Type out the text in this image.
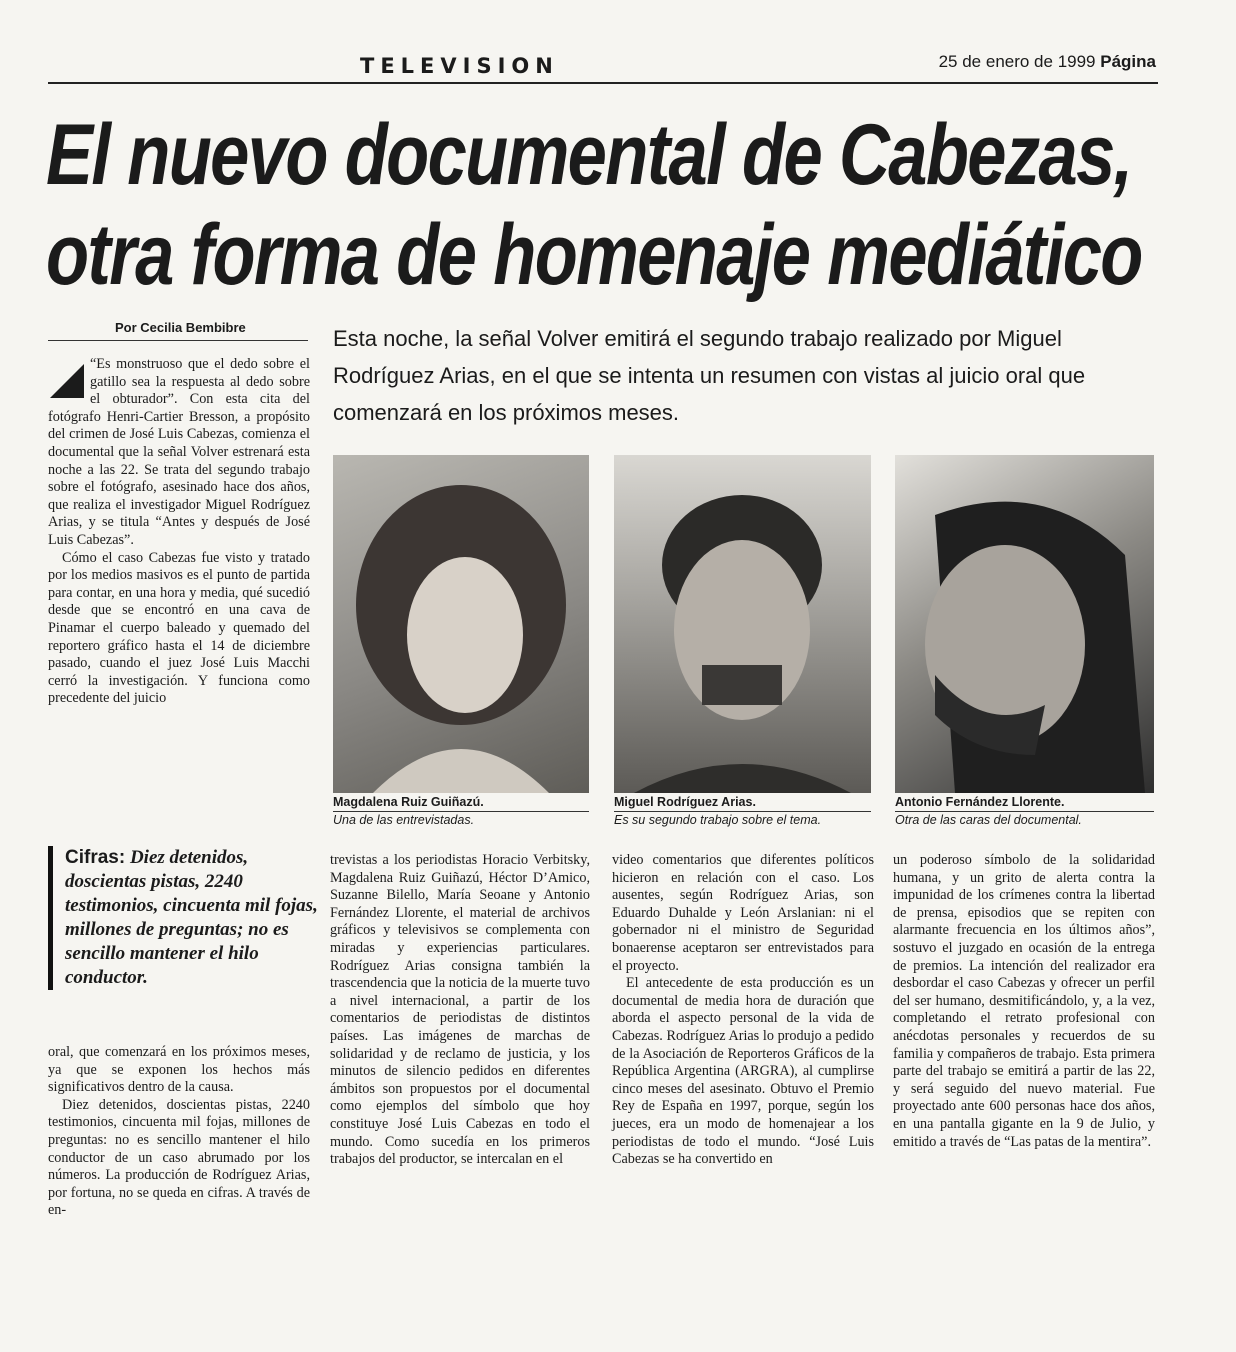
TELEVISION	25 de enero de 1999 Página
El nuevo documental de Cabezas,
otra forma de homenaje mediático
Por Cecilia Bembibre	Esta noche, la señal Volver emitirá el segundo trabajo realizado por Miguel Rodríguez Arias, en el que se intenta un resumen con vistas al juicio oral que comenzará en los próximos meses.

“Es monstruoso que el dedo sobre el gatillo sea la respuesta al dedo sobre el obturador”. Con esta cita del fotógrafo Henri-Cartier Bresson, a propósito del crimen de José Luis Cabezas, comienza el documental que la señal Volver estrenará esta noche a las 22. Se trata del segundo trabajo sobre el fotógrafo, asesinado hace dos años, que realiza el investigador Miguel Rodríguez Arias, y se titula “Antes y después de José Luis Cabezas”.

Cómo el caso Cabezas fue visto y tratado por los medios masivos es el punto de partida para contar, en una hora y media, qué sucedió desde que se encontró en una cava de Pinamar el cuerpo baleado y quemado del reportero gráfico hasta el 14 de diciembre pasado, cuando el juez José Luis Macchi cerró la investigación. Y funciona como precedente del juicio

Cifras: Diez detenidos, doscientas pistas, 2240 testimonios, cincuenta mil fojas, millones de preguntas; no es sencillo mantener el hilo conductor.

oral, que comenzará en los próximos meses, ya que se exponen los hechos más significativos dentro de la causa.

Diez detenidos, doscientas pistas, 2240 testimonios, cincuenta mil fojas, millones de preguntas: no es sencillo mantener el hilo conductor de un caso abrumado por los números. La producción de Rodríguez Arias, por fortuna, no se queda en cifras. A través de en-

Magdalena Ruiz Guiñazú.
Una de las entrevistadas.
Miguel Rodríguez Arias.
Es su segundo trabajo sobre el tema.
Antonio Fernández Llorente.
Otra de las caras del documental.

trevistas a los periodistas Horacio Verbitsky, Magdalena Ruiz Guiñazú, Héctor D’Amico, Suzanne Bilello, María Seoane y Antonio Fernández Llorente, el material de archivos gráficos y televisivos se complementa con miradas y experiencias particulares. Rodríguez Arias consigna también la trascendencia que la noticia de la muerte tuvo a nivel internacional, a partir de los comentarios de periodistas de distintos países. Las imágenes de marchas de solidaridad y de reclamo de justicia, y los minutos de silencio pedidos en diferentes ámbitos son propuestos por el documental como ejemplos del símbolo que hoy constituye José Luis Cabezas en todo el mundo. Como sucedía en los primeros trabajos del productor, se intercalan en el

video comentarios que diferentes políticos hicieron en relación con el caso. Los ausentes, según Rodríguez Arias, son Eduardo Duhalde y León Arslanian: ni el gobernador ni el ministro de Seguridad bonaerense aceptaron ser entrevistados para el proyecto.

El antecedente de esta producción es un documental de media hora de duración que aborda el aspecto personal de la vida de Cabezas. Rodríguez Arias lo produjo a pedido de la Asociación de Reporteros Gráficos de la República Argentina (ARGRA), al cumplirse cinco meses del asesinato. Obtuvo el Premio Rey de España en 1997, porque, según los jueces, era un modo de homenajear a los periodistas de todo el mundo. “José Luis Cabezas se ha convertido en

un poderoso símbolo de la solidaridad humana, y un grito de alerta contra la impunidad de los crímenes contra la libertad de prensa, episodios que se repiten con alarmante frecuencia en los últimos años”, sostuvo el juzgado en ocasión de la entrega de premios. La intención del realizador era desbordar el caso Cabezas y ofrecer un perfil del ser humano, desmitificándolo, y, a la vez, completando el retrato profesional con anécdotas personales y recuerdos de su familia y compañeros de trabajo. Esta primera parte del trabajo se emitirá a partir de las 22, y será seguido del nuevo material. Fue proyectado ante 600 personas hace dos años, en una pantalla gigante en la 9 de Julio, y emitido a través de “Las patas de la mentira”.
